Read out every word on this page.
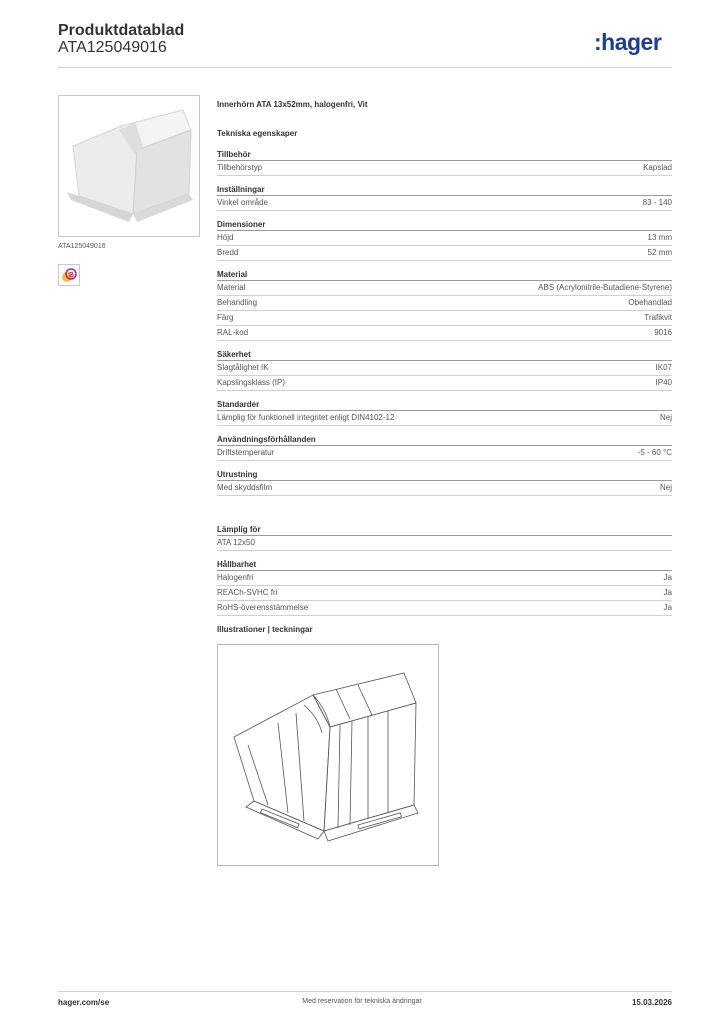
Produktdatablad
ATA125049016	:hager
ATA125049016
B
Innerhörn ATA 13x52mm, halogenfri, Vit
Tekniska egenskaper
Tillbehör
Tillbehörstyp	Kapslad
Inställningar
Vinkel område	83 - 140
Dimensioner
Höjd	13 mm
Bredd	52 mm
Material
Material	ABS (Acrylonitrile-Butadiene-Styrene)
Behandling	Obehandlad
Färg	Trafikvit
RAL-kod	9016
Säkerhet
Slagtålighet IK	IK07
Kapslingsklass (IP)	IP40
Standarder
Lämplig för funktionell integritet enligt DIN4102-12	Nej
Användningsförhållanden
Driftstemperatur	-5 - 60 °C
Utrustning
Med skyddsfilm	Nej
Lämplig för
ATA 12x50
Hållbarhet
Halogenfri	Ja
REACh-SVHC fri	Ja
RoHS-överensstämmelse	Ja
Illustrationer | teckningar
hager.com/se	Med reservation för tekniska ändringar	15.03.2026
